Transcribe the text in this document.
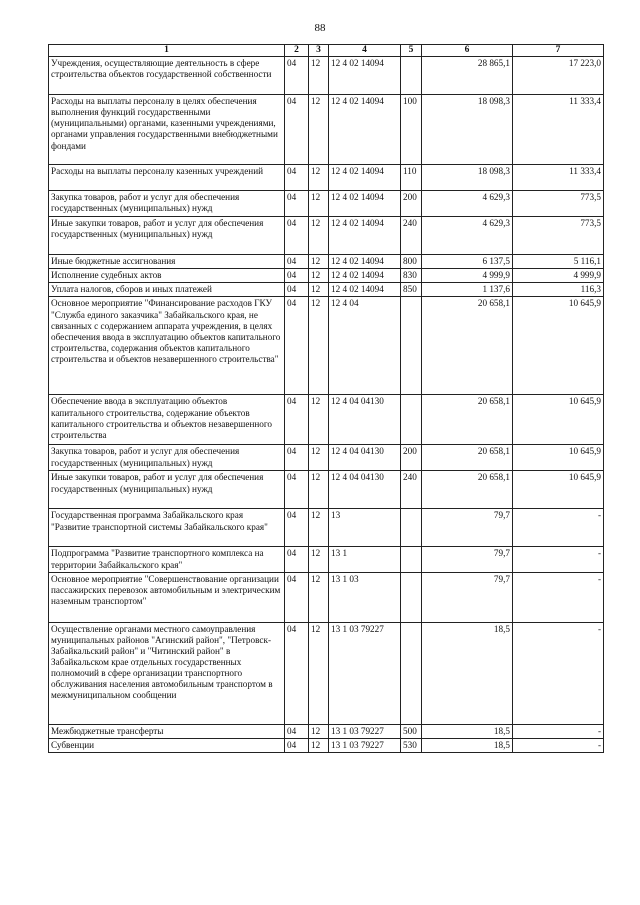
88
1	2	3	4	5	6	7
Учреждения, осуществляющие деятельность в сфере строительства объектов государственной собственности	04	12	12 4 02 14094		28 865,1	17 223,0
Расходы на выплаты персоналу в целях обеспечения выполнения функций государственными (муниципальными) органами, казенными учреждениями, органами управления государственными внебюджетными фондами	04	12	12 4 02 14094	100	18 098,3	11 333,4
Расходы на выплаты персоналу казенных учреждений	04	12	12 4 02 14094	110	18 098,3	11 333,4
Закупка товаров, работ и услуг для обеспечения государственных (муниципальных) нужд	04	12	12 4 02 14094	200	4 629,3	773,5
Иные закупки товаров, работ и услуг для обеспечения государственных (муниципальных) нужд	04	12	12 4 02 14094	240	4 629,3	773,5
Иные бюджетные ассигнования	04	12	12 4 02 14094	800	6 137,5	5 116,1
Исполнение судебных актов	04	12	12 4 02 14094	830	4 999,9	4 999,9
Уплата налогов, сборов и иных платежей	04	12	12 4 02 14094	850	1 137,6	116,3
Основное мероприятие "Финансирование расходов ГКУ "Служба единого заказчика" Забайкальского края, не связанных с содержанием аппарата учреждения, в целях обеспечения ввода в эксплуатацию объектов капитального строительства, содержания объектов капитального строительства и объектов незавершенного строительства"	04	12	12 4 04		20 658,1	10 645,9
Обеспечение ввода в эксплуатацию объектов капитального строительства, содержание объектов капитального строительства и объектов незавершенного строительства	04	12	12 4 04 04130		20 658,1	10 645,9
Закупка товаров, работ и услуг для обеспечения государственных (муниципальных) нужд	04	12	12 4 04 04130	200	20 658,1	10 645,9
Иные закупки товаров, работ и услуг для обеспечения государственных (муниципальных) нужд	04	12	12 4 04 04130	240	20 658,1	10 645,9
Государственная программа Забайкальского края "Развитие транспортной системы Забайкальского края"	04	12	13		79,7	-
Подпрограмма "Развитие транспортного комплекса на территории Забайкальского края"	04	12	13 1		79,7	-
Основное мероприятие "Совершенствование организации пассажирских перевозок автомобильным и электрическим наземным транспортом"	04	12	13 1 03		79,7	-
Осуществление органами местного самоуправления муниципальных районов "Агинский район", "Петровск-Забайкальский район" и "Читинский район" в Забайкальском крае отдельных государственных полномочий в сфере организации транспортного обслуживания населения автомобильным транспортом в межмуниципальном сообщении	04	12	13 1 03 79227		18,5	-
Межбюджетные трансферты	04	12	13 1 03 79227	500	18,5	-
Субвенции	04	12	13 1 03 79227	530	18,5	-
